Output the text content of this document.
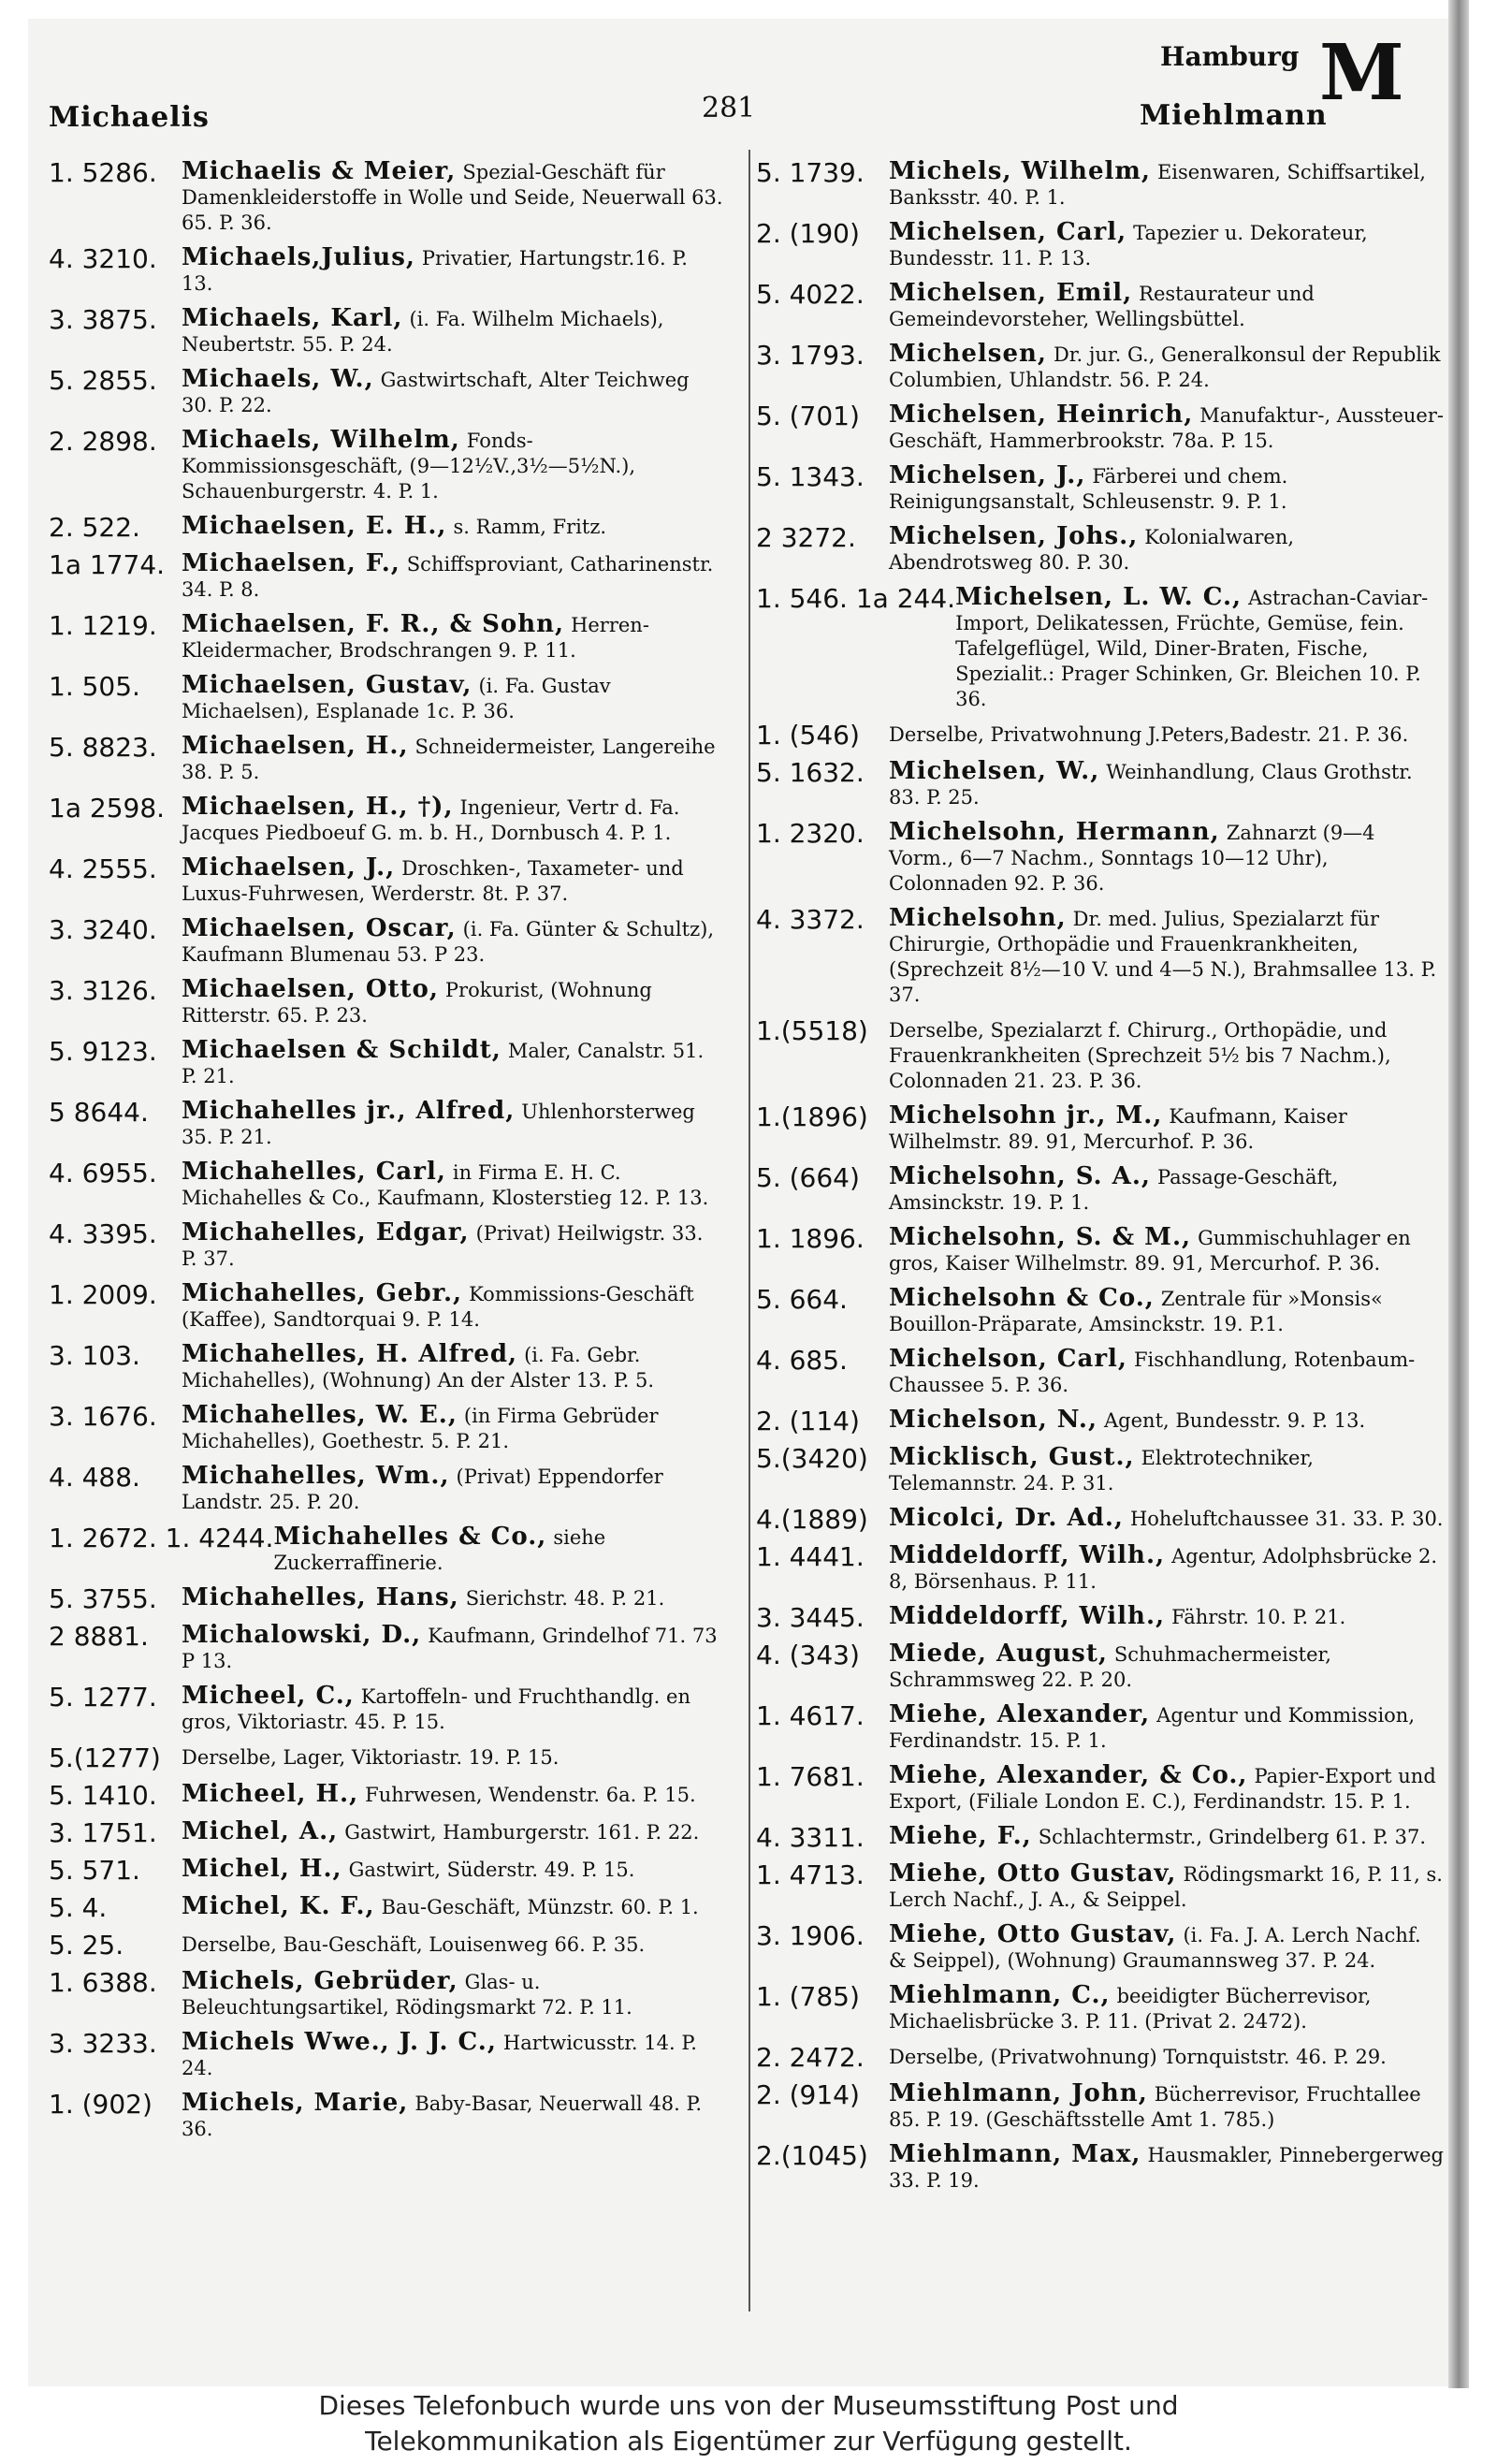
Michaelis	281
Hamburg
Miehlmann
M
1. 5286.	Michaelis & Meier, Spezial-Geschäft für Damenkleiderstoffe in Wolle und Seide, Neuerwall 63. 65. P. 36.
4. 3210.	Michaels,Julius, Privatier, Hartungstr.16. P. 13.
3. 3875.	Michaels, Karl, (i. Fa. Wilhelm Michaels), Neubertstr. 55. P. 24.
5. 2855.	Michaels, W., Gastwirtschaft, Alter Teichweg 30. P. 22.
2. 2898.	Michaels, Wilhelm, Fonds-Kommissionsgeschäft, (9—12½V.,3½—5½N.), Schauenburgerstr. 4. P. 1.
2. 522.	Michaelsen, E. H., s. Ramm, Fritz.
1a 1774. Michaelsen, F., Schiffsproviant, Catharinenstr. 34. P. 8.
1. 1219.	Michaelsen, F. R., & Sohn, Herren-Kleidermacher, Brodschrangen 9. P. 11.
1. 505.	Michaelsen, Gustav, (i. Fa. Gustav Michaelsen), Esplanade 1c. P. 36.
5. 8823.	Michaelsen, H., Schneidermeister, Langereihe 38. P. 5.
1a 2598. Michaelsen, H., †), Ingenieur, Vertr d. Fa. Jacques Piedboeuf G. m. b. H., Dornbusch 4. P. 1.
4. 2555.	Michaelsen, J., Droschken-, Taxameter- und Luxus-Fuhrwesen, Werderstr. 8t. P. 37.
3. 3240.	Michaelsen, Oscar, (i. Fa. Günter & Schultz), Kaufmann Blumenau 53. P 23.
3. 3126.	Michaelsen, Otto, Prokurist, (Wohnung Ritterstr. 65. P. 23.
5. 9123.	Michaelsen & Schildt, Maler, Canalstr. 51. P. 21.
5 8644.	Michahelles jr., Alfred, Uhlenhorsterweg 35. P. 21.
4. 6955.	Michahelles, Carl, in Firma E. H. C. Michahelles & Co., Kaufmann, Klosterstieg 12. P. 13.
4. 3395.	Michahelles, Edgar, (Privat) Heilwigstr. 33. P. 37.
1. 2009.	Michahelles, Gebr., Kommissions-Geschäft (Kaffee), Sandtorquai 9. P. 14.
3. 103.	Michahelles, H. Alfred, (i. Fa. Gebr. Michahelles), (Wohnung) An der Alster 13. P. 5.
3. 1676.	Michahelles, W. E., (in Firma Gebrüder Michahelles), Goethestr. 5. P. 21.
4. 488.	Michahelles, Wm., (Privat) Eppendorfer Landstr. 25. P. 20.
1. 2672. 1. 4244. Michahelles & Co., siehe Zuckerraffinerie.
5. 3755.	Michahelles, Hans, Sierichstr. 48. P. 21.
2 8881.	Michalowski, D., Kaufmann, Grindelhof 71. 73 P 13.
5. 1277.	Micheel, C., Kartoffeln- und Fruchthandlg. en gros, Viktoriastr. 45. P. 15.
5.(1277)	Derselbe, Lager, Viktoriastr. 19. P. 15.
5. 1410.	Micheel, H., Fuhrwesen, Wendenstr. 6a. P. 15.
3. 1751.	Michel, A., Gastwirt, Hamburgerstr. 161. P. 22.
5. 571.	Michel, H., Gastwirt, Süderstr. 49. P. 15.
5. 4.	Michel, K. F., Bau-Geschäft, Münzstr. 60. P. 1.
5. 25.	Derselbe, Bau-Geschäft, Louisenweg 66. P. 35.
1. 6388.	Michels, Gebrüder, Glas- u. Beleuchtungsartikel, Rödingsmarkt 72. P. 11.
3. 3233.	Michels Wwe., J. J. C., Hartwicusstr. 14. P. 24.
1. (902)	Michels, Marie, Baby-Basar, Neuerwall 48. P. 36.
5. 1739.	Michels, Wilhelm, Eisenwaren, Schiffsartikel, Banksstr. 40. P. 1.
2. (190)	Michelsen, Carl, Tapezier u. Dekorateur, Bundesstr. 11. P. 13.
5. 4022.	Michelsen, Emil, Restaurateur und Gemeindevorsteher, Wellingsbüttel.
3. 1793.	Michelsen, Dr. jur. G., Generalkonsul der Republik Columbien, Uhlandstr. 56. P. 24.
5. (701)	Michelsen, Heinrich, Manufaktur-, Aussteuer-Geschäft, Hammerbrookstr. 78a. P. 15.
5. 1343.	Michelsen, J., Färberei und chem. Reinigungsanstalt, Schleusenstr. 9. P. 1.
2 3272.	Michelsen, Johs., Kolonialwaren, Abendrotsweg 80. P. 30.
1. 546. 1a 244. Michelsen, L. W. C., Astrachan-Caviar-Import, Delikatessen, Früchte, Gemüse, fein. Tafelgeflügel, Wild, Diner-Braten, Fische, Spezialit.: Prager Schinken, Gr. Bleichen 10. P. 36.
1. (546)	Derselbe, Privatwohnung J.Peters,Badestr. 21. P. 36.
5. 1632.	Michelsen, W., Weinhandlung, Claus Grothstr. 83. P. 25.
1. 2320.	Michelsohn, Hermann, Zahnarzt (9—4 Vorm., 6—7 Nachm., Sonntags 10—12 Uhr), Colonnaden 92. P. 36.
4. 3372.	Michelsohn, Dr. med. Julius, Spezialarzt für Chirurgie, Orthopädie und Frauenkrankheiten, (Sprechzeit 8½—10 V. und 4—5 N.), Brahmsallee 13. P. 37.
1.(5518)	Derselbe, Spezialarzt f. Chirurg., Orthopädie, und Frauenkrankheiten (Sprechzeit 5½ bis 7 Nachm.), Colonnaden 21. 23. P. 36.
1.(1896) Michelsohn jr., M., Kaufmann, Kaiser Wilhelmstr. 89. 91, Mercurhof. P. 36.
5. (664)	Michelsohn, S. A., Passage-Geschäft, Amsinckstr. 19. P. 1.
1. 1896.	Michelsohn, S. & M., Gummischuhlager en gros, Kaiser Wilhelmstr. 89. 91, Mercurhof. P. 36.
5. 664.	Michelsohn & Co., Zentrale für »Monsis« Bouillon-Präparate, Amsinckstr. 19. P.1.
4. 685.	Michelson, Carl, Fischhandlung, Rotenbaum-Chaussee 5. P. 36.
2. (114)	Michelson, N., Agent, Bundesstr. 9. P. 13.
5.(3420) Micklisch, Gust., Elektrotechniker, Telemannstr. 24. P. 31.
4.(1889) Micolci, Dr. Ad., Hoheluftchaussee 31. 33. P. 30.
1. 4441.	Middeldorff, Wilh., Agentur, Adolphsbrücke 2. 8, Börsenhaus. P. 11.
3. 3445.	Middeldorff, Wilh., Fährstr. 10. P. 21.
4. (343)	Miede, August, Schuhmachermeister, Schrammsweg 22. P. 20.
1. 4617.	Miehe, Alexander, Agentur und Kommission, Ferdinandstr. 15. P. 1.
1. 7681.	Miehe, Alexander, & Co., Papier-Export und Export, (Filiale London E. C.), Ferdinandstr. 15. P. 1.
4. 3311.	Miehe, F., Schlachtermstr., Grindelberg 61. P. 37.
1. 4713.	Miehe, Otto Gustav, Rödingsmarkt 16, P. 11, s. Lerch Nachf., J. A., & Seippel.
3. 1906.	Miehe, Otto Gustav, (i. Fa. J. A. Lerch Nachf. & Seippel), (Wohnung) Graumannsweg 37. P. 24.
1. (785)	Miehlmann, C., beeidigter Bücherrevisor, Michaelisbrücke 3. P. 11. (Privat 2. 2472).
2. 2472.	Derselbe, (Privatwohnung) Tornquiststr. 46. P. 29.
2. (914)	Miehlmann, John, Bücherrevisor, Fruchtallee 85. P. 19. (Geschäftsstelle Amt 1. 785.)
2.(1045) Miehlmann, Max, Hausmakler, Pinnebergerweg 33. P. 19.
Dieses Telefonbuch wurde uns von der Museumsstiftung Post und
Telekommunikation als Eigentümer zur Verfügung gestellt.
